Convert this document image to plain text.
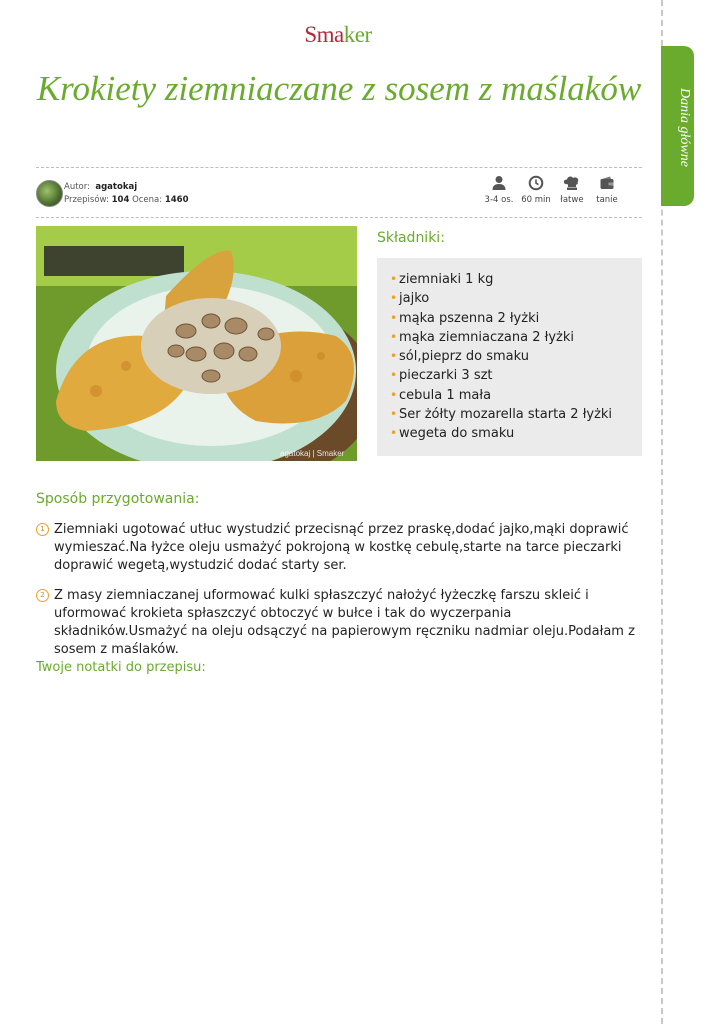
Dania główne
Smaker
Krokiety ziemniaczane z sosem z maślaków
Autor: agatokaj
Przepisów: 104 Ocena: 1460	3-4 os. 60 min	łatwe	tanie
agatokaj | Smaker
Składniki:
• ziemniaki 1 kg
• jajko
• mąka pszenna 2 łyżki
• mąka ziemniaczana 2 łyżki
• sól,pieprz do smaku
• pieczarki 3 szt
• cebula 1 mała
• Ser żółty mozarella starta 2 łyżki
• wegeta do smaku
Sposób przygotowania:
1 Ziemniaki ugotować utłuc wystudzić przecisnąć przez praskę,dodać jajko,mąki doprawić wymieszać.Na łyżce oleju usmażyć pokrojoną w kostkę cebulę,starte na tarce pieczarki doprawić wegetą,wystudzić dodać starty ser.

2 Z masy ziemniaczanej uformować kulki spłaszczyć nałożyć łyżeczkę farszu skleić i uformować krokieta spłaszczyć obtoczyć w bułce i tak do wyczerpania składników.Usmażyć na oleju odsączyć na papierowym ręczniku nadmiar oleju.Podałam z sosem z maślaków.

Twoje notatki do przepisu:
